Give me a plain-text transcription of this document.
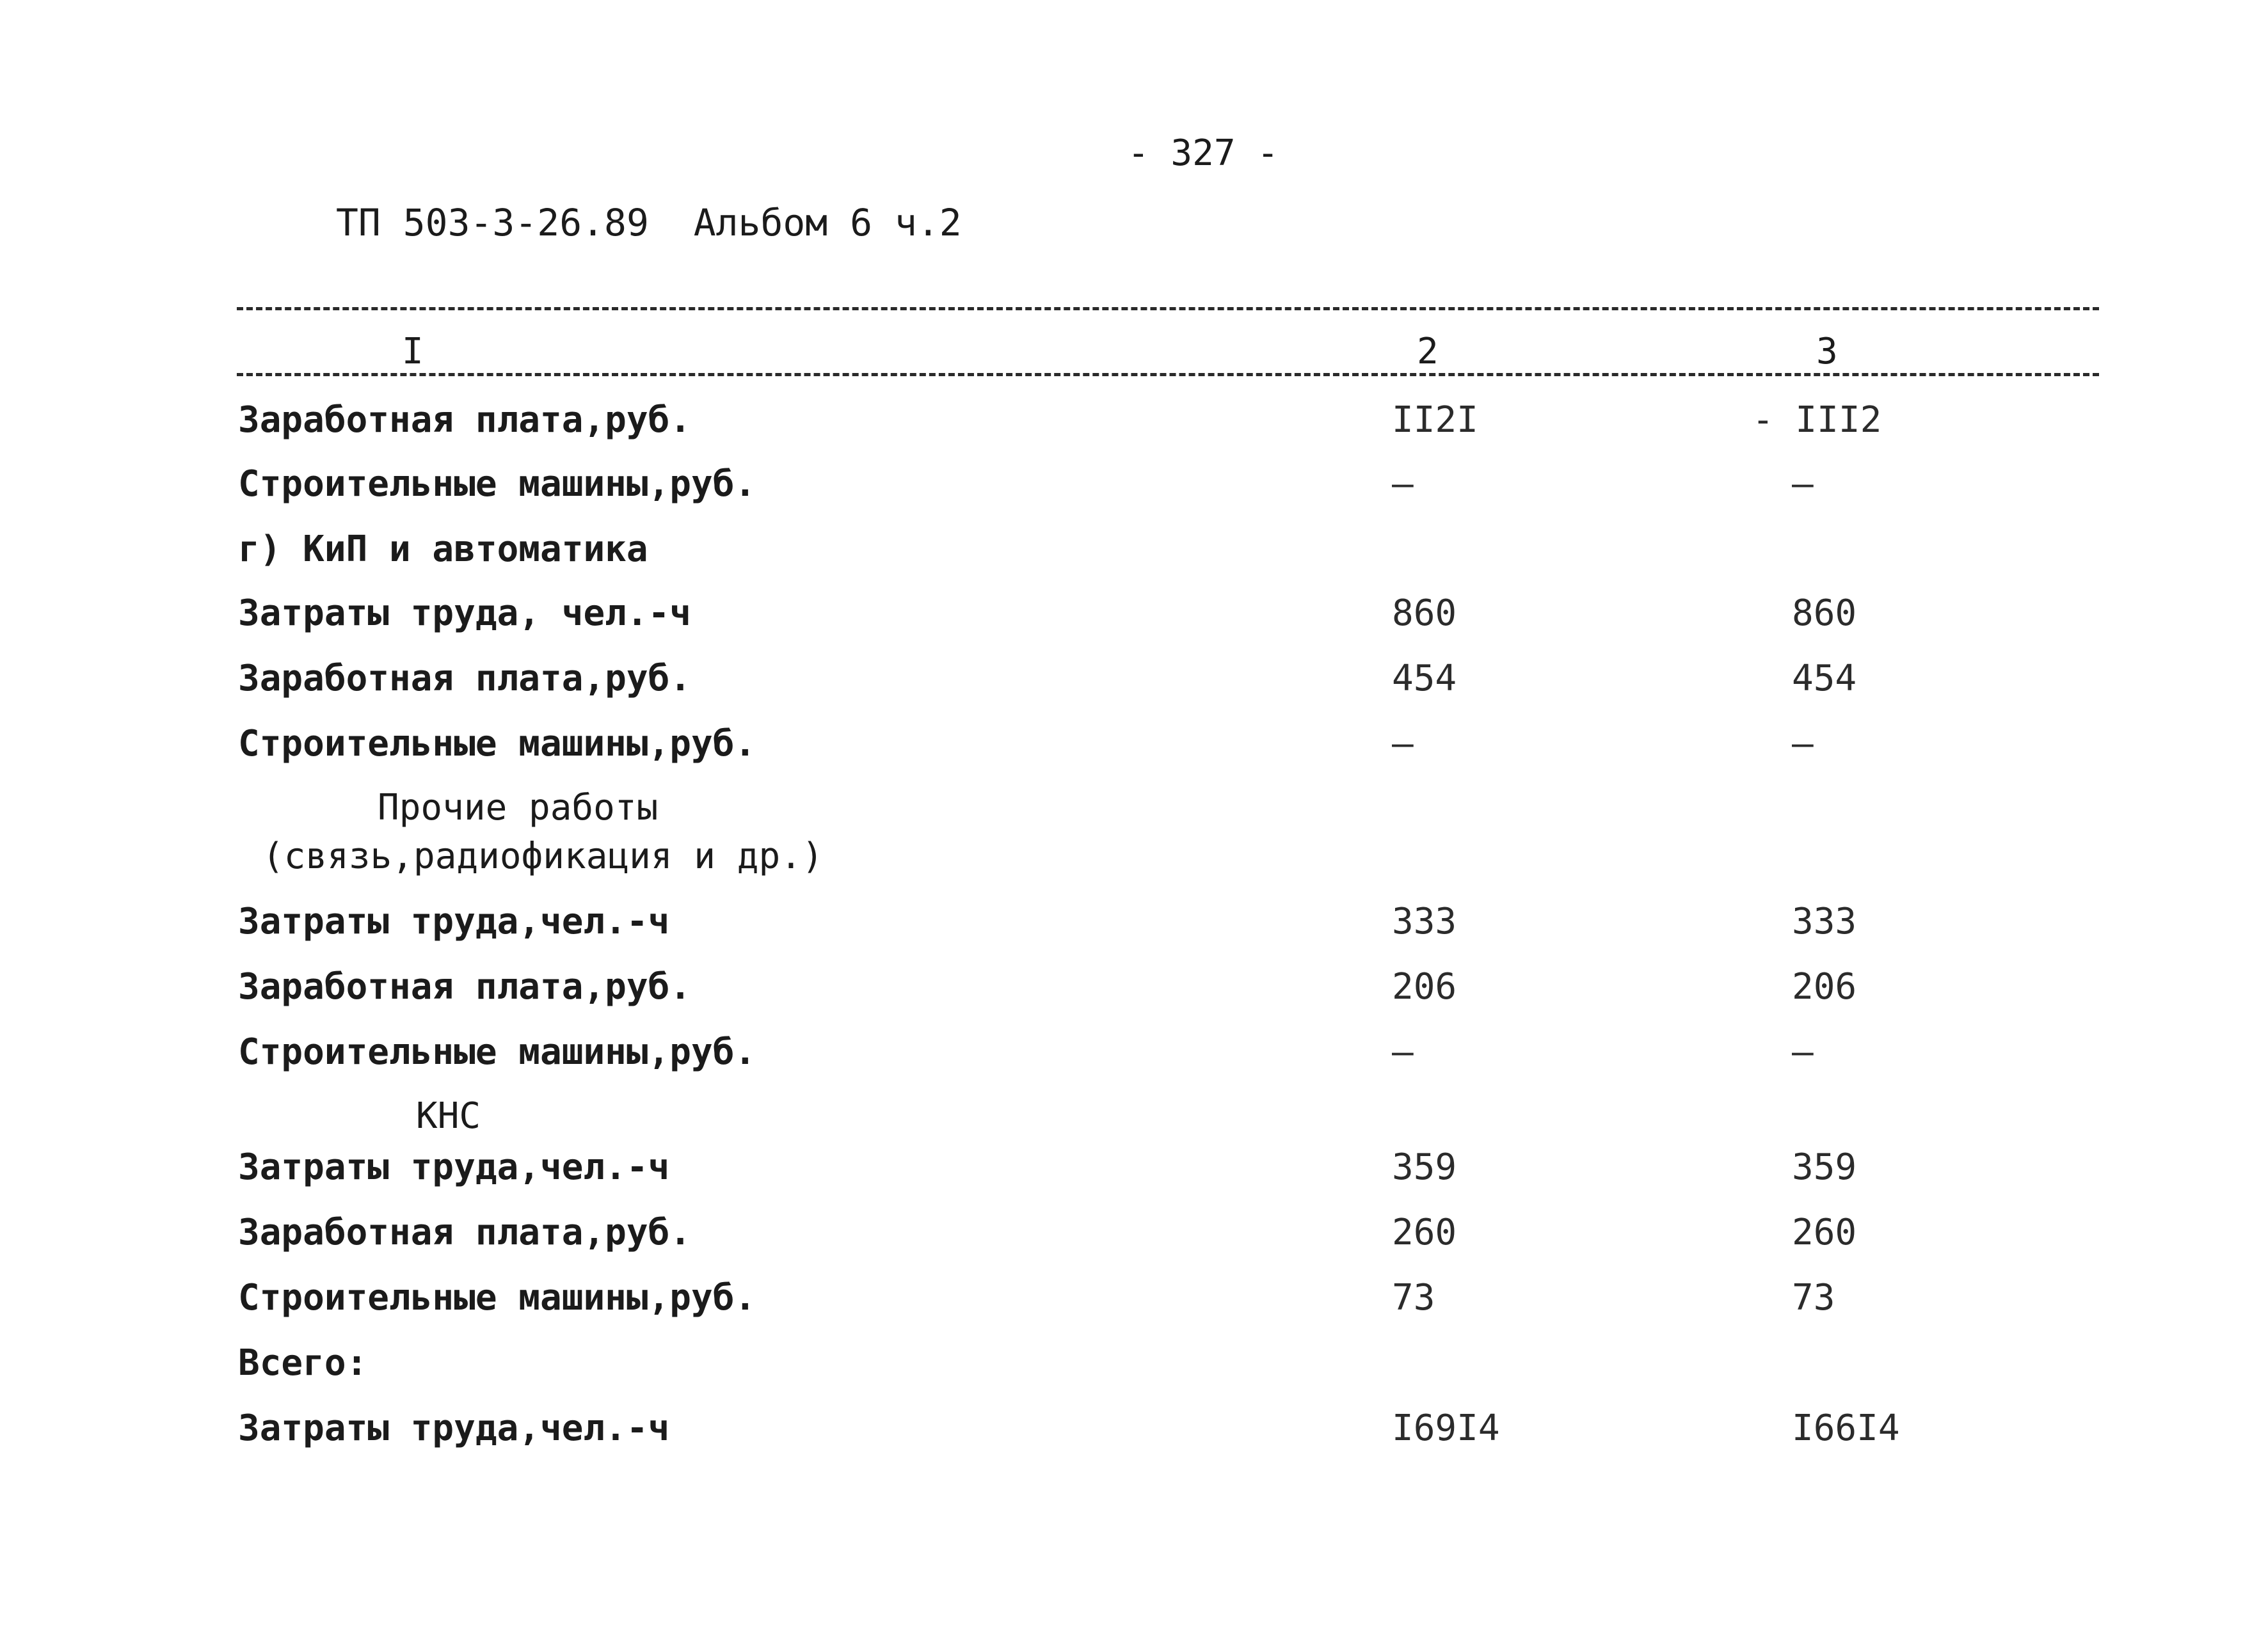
- 327 -
ТП 503-3-26.89  Альбом 6 ч.2
I	2	3
Заработная плата,руб.	II2I	- III2
Строительные машины,руб.	–	–
г) КиП и автоматика
Затраты труда, чел.-ч	860	860
Заработная плата,руб.	454	454
Строительные машины,руб.	–	–
Прочие работы
(связь,радиофикация и др.)
Затраты труда,чел.-ч	333	333
Заработная плата,руб.	206	206
Строительные машины,руб.	–	–
КНС
Затраты труда,чел.-ч	359	359
Заработная плата,руб.	260	260
Строительные машины,руб.	73	73
Всего:
Затраты труда,чел.-ч	I69I4	I66I4
